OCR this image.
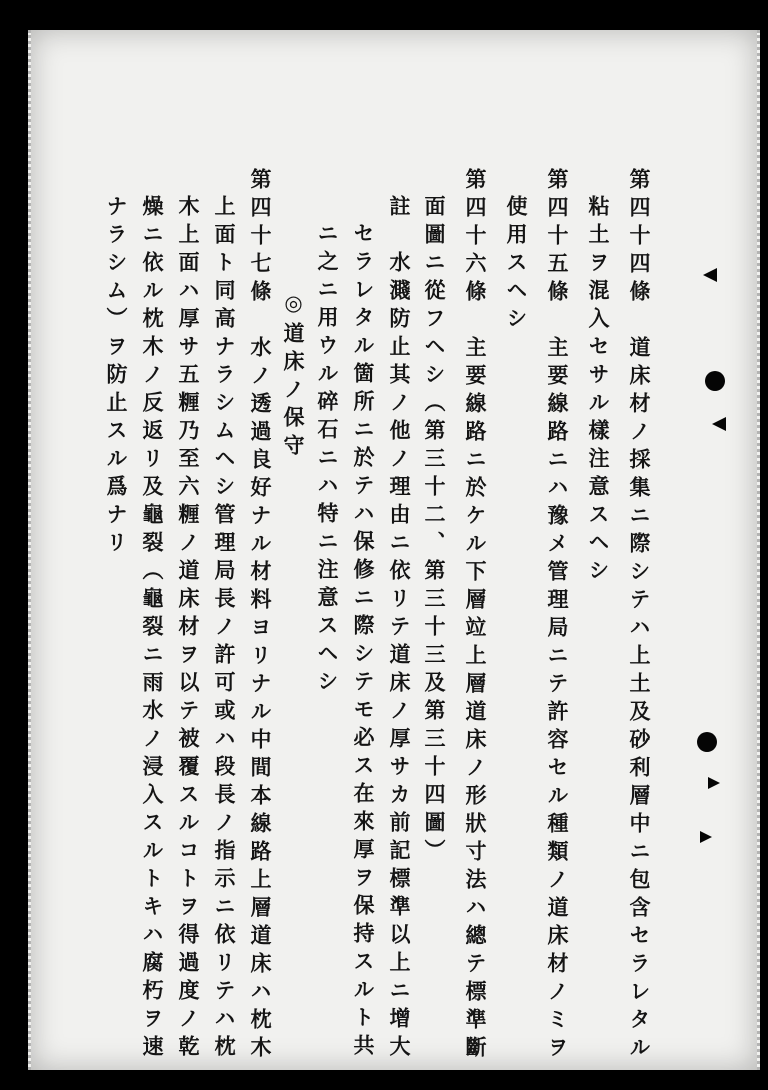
第四十四條　道床材ノ採集ニ際シテハ上土及砂利層中ニ包含セラレタル
粘土ヲ混入セサル樣注意スヘシ
第四十五條　主要線路ニハ豫メ管理局ニテ許容セル種類ノ道床材ノミヲ
使用スヘシ
第四十六條　主要線路ニ於ケル下層竝上層道床ノ形狀寸法ハ總テ標準斷
面圖ニ從フヘシ（第三十二、第三十三及第三十四圖）
註　水濺防止其ノ他ノ理由ニ依リテ道床ノ厚サカ前記標準以上ニ增大
セラレタル箇所ニ於テハ保修ニ際シテモ必ス在來厚ヲ保持スルト共
ニ之ニ用ウル碎石ニハ特ニ注意スヘシ
◎道床ノ保守
第四十七條　水ノ透過良好ナル材料ヨリナル中間本線路上層道床ハ枕木
上面ト同高ナラシムヘシ管理局長ノ許可或ハ段長ノ指示ニ依リテハ枕
木上面ハ厚サ五糎乃至六糎ノ道床材ヲ以テ被覆スルコトヲ得過度ノ乾
燥ニ依ル枕木ノ反返リ及龜裂（龜裂ニ雨水ノ浸入スルトキハ腐朽ヲ速
ナラシム）ヲ防止スル爲ナリ
